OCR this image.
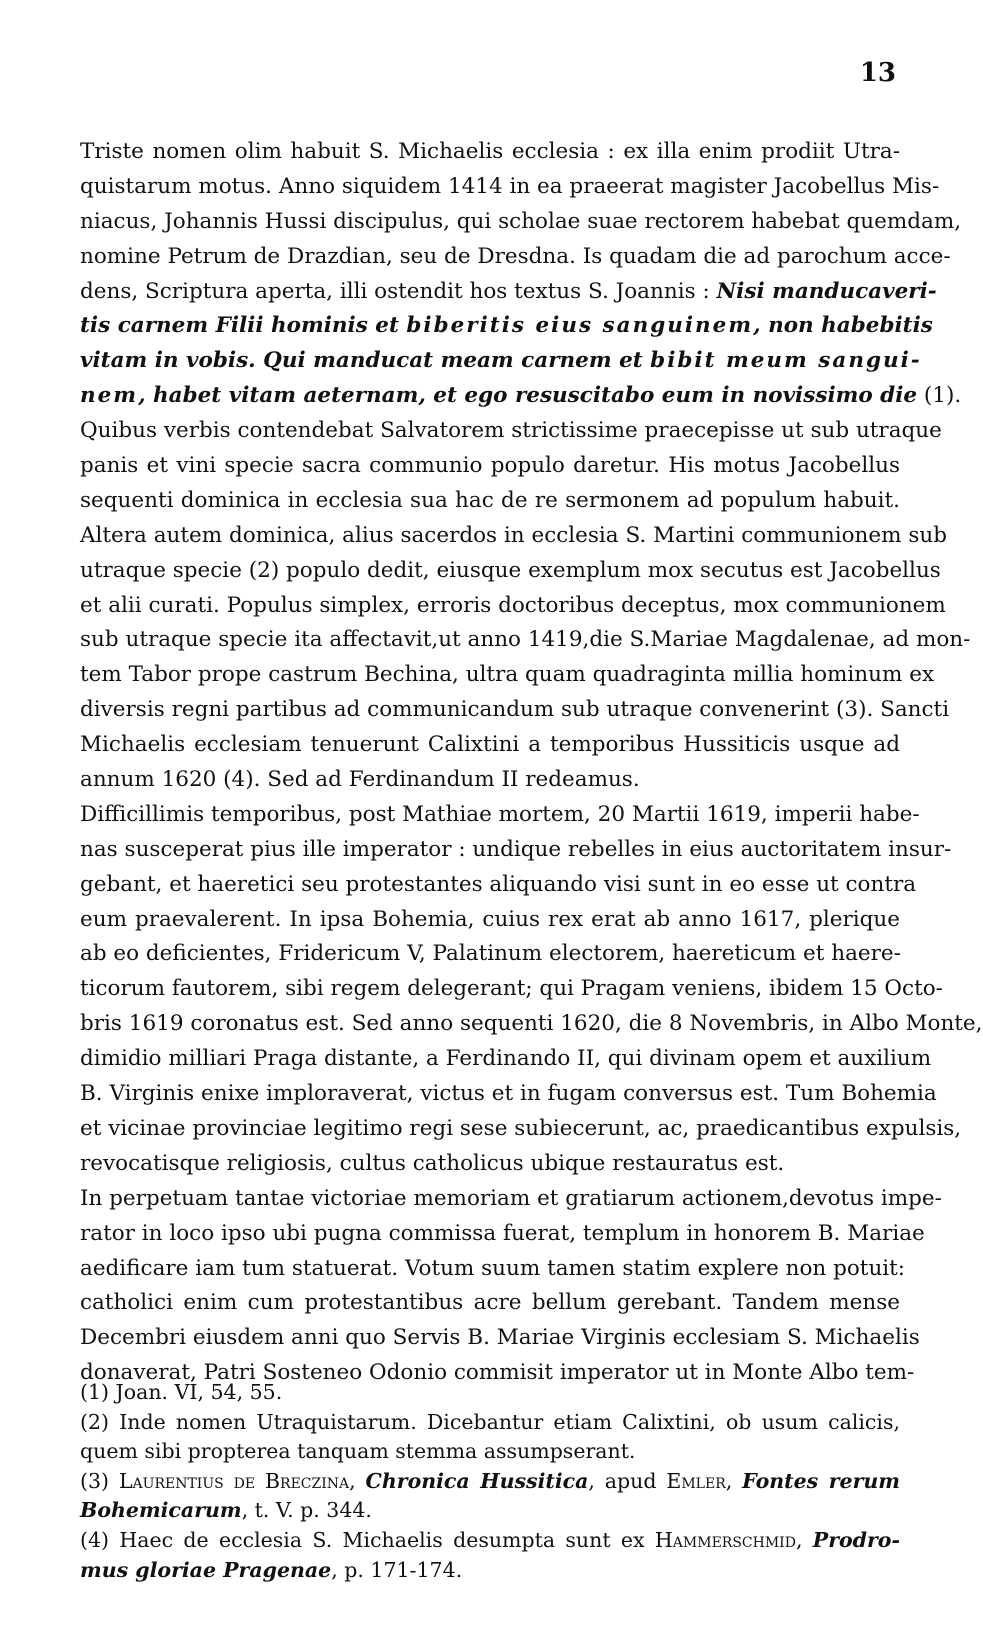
13
Triste nomen olim habuit S. Michaelis ecclesia : ex illa enim prodiit Utra-
quistarum motus. Anno siquidem 1414 in ea praeerat magister Jacobellus Mis-
niacus, Johannis Hussi discipulus, qui scholae suae rectorem habebat quemdam,
nomine Petrum de Drazdian, seu de Dresdna. Is quadam die ad parochum acce-
dens, Scriptura aperta, illi ostendit hos textus S. Joannis : Nisi manducaveri-
tis carnem Filii hominis et biberitis eius sanguinem, non habebitis
vitam in vobis. Qui manducat meam carnem et bibit meum sangui-
nem, habet vitam aeternam, et ego resuscitabo eum in novissimo die (1).
Quibus verbis contendebat Salvatorem strictissime praecepisse ut sub utraque
panis et vini specie sacra communio populo daretur. His motus Jacobellus
sequenti dominica in ecclesia sua hac de re sermonem ad populum habuit.
Altera autem dominica, alius sacerdos in ecclesia S. Martini communionem sub
utraque specie (2) populo dedit, eiusque exemplum mox secutus est Jacobellus
et alii curati. Populus simplex, erroris doctoribus deceptus, mox communionem
sub utraque specie ita affectavit,ut anno 1419,die S.Mariae Magdalenae, ad mon-
tem Tabor prope castrum Bechina, ultra quam quadraginta millia hominum ex
diversis regni partibus ad communicandum sub utraque convenerint (3). Sancti
Michaelis ecclesiam tenuerunt Calixtini a temporibus Hussiticis usque ad
annum 1620 (4). Sed ad Ferdinandum II redeamus.
Difficillimis temporibus, post Mathiae mortem, 20 Martii 1619, imperii habe-
nas susceperat pius ille imperator : undique rebelles in eius auctoritatem insur-
gebant, et haeretici seu protestantes aliquando visi sunt in eo esse ut contra
eum praevalerent. In ipsa Bohemia, cuius rex erat ab anno 1617, plerique
ab eo deficientes, Fridericum V, Palatinum electorem, haereticum et haere-
ticorum fautorem, sibi regem delegerant; qui Pragam veniens, ibidem 15 Octo-
bris 1619 coronatus est. Sed anno sequenti 1620, die 8 Novembris, in Albo Monte,
dimidio milliari Praga distante, a Ferdinando II, qui divinam opem et auxilium
B. Virginis enixe imploraverat, victus et in fugam conversus est. Tum Bohemia
et vicinae provinciae legitimo regi sese subiecerunt, ac, praedicantibus expulsis,
revocatisque religiosis, cultus catholicus ubique restauratus est.
In perpetuam tantae victoriae memoriam et gratiarum actionem,devotus impe-
rator in loco ipso ubi pugna commissa fuerat, templum in honorem B. Mariae
aedificare iam tum statuerat. Votum suum tamen statim explere non potuit:
catholici enim cum protestantibus acre bellum gerebant. Tandem mense
Decembri eiusdem anni quo Servis B. Mariae Virginis ecclesiam S. Michaelis
donaverat, Patri Sosteneo Odonio commisit imperator ut in Monte Albo tem-
(1) Joan. VI, 54, 55.
(2) Inde nomen Utraquistarum. Dicebantur etiam Calixtini, ob usum calicis,
quem sibi propterea tanquam stemma assumpserant.
(3) Laurentius de Breczina, Chronica Hussitica, apud Emler, Fontes rerum
Bohemicarum, t. V. p. 344.
(4) Haec de ecclesia S. Michaelis desumpta sunt ex Hammerschmid, Prodro-
mus gloriae Pragenae, p. 171-174.
